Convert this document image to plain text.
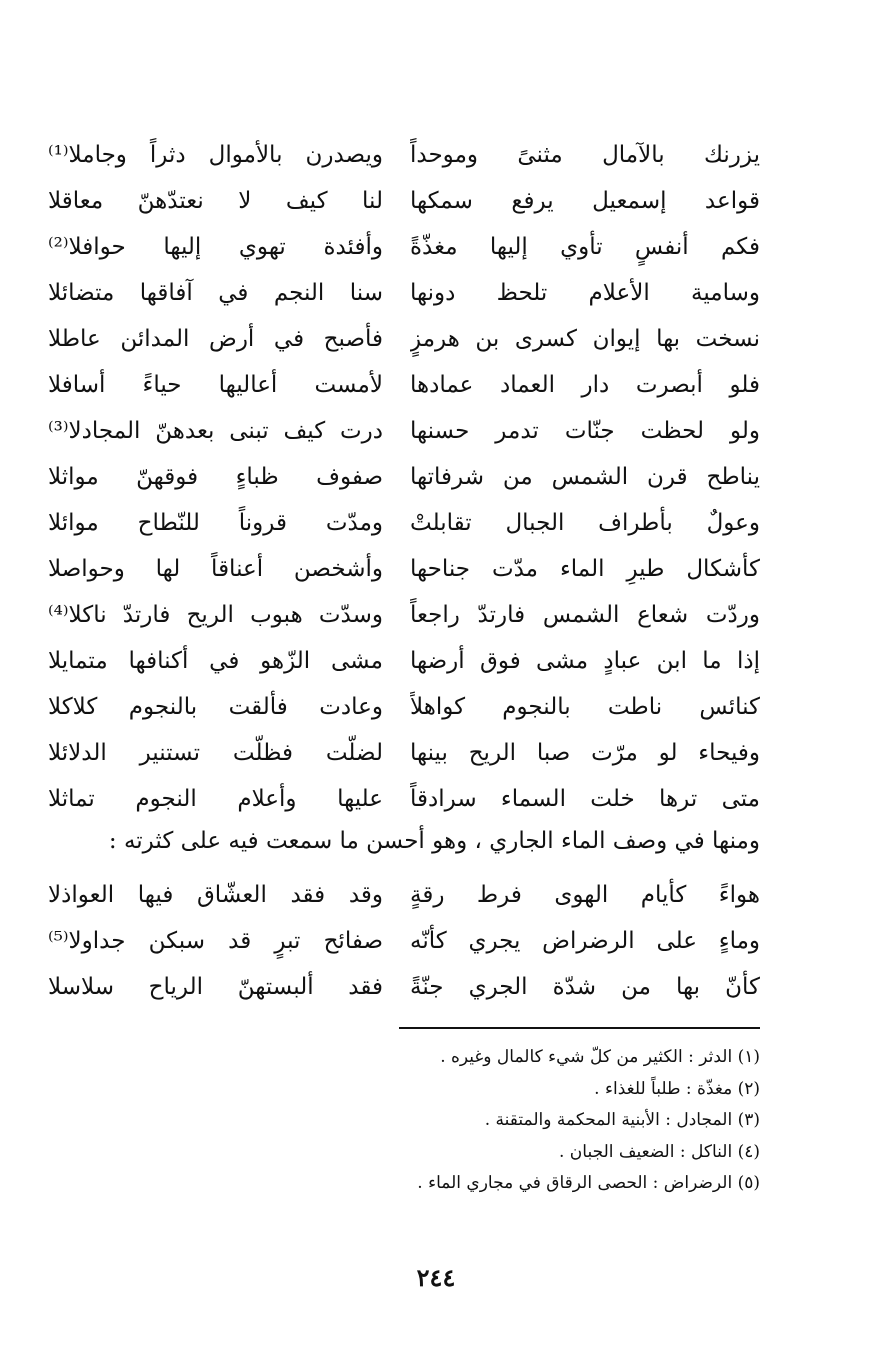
يزرنك بالآمال مثنىً وموحداً
ويصدرن بالأموال دثراً وجاملا⁽¹⁾
قواعد إسمعيل يرفع سمكها
لنا كيف لا نعتدّهنّ معاقلا
فكم أنفسٍ تأوي إليها مغذّةً
وأفئدة تهوي إليها حوافلا⁽²⁾
وسامية الأعلام تلحظ دونها
سنا النجم في آفاقها متضائلا
نسخت بها إيوان كسرى بن هرمزٍ
فأصبح في أرض المدائن عاطلا
فلو أبصرت دار العماد عمادها
لأمست أعاليها حياءً أسافلا
ولو لحظت جنّات تدمر حسنها
درت كيف تبنى بعدهنّ المجادلا⁽³⁾
يناطح قرن الشمس من شرفاتها
صفوف ظباءٍ فوقهنّ مواثلا
وعولٌ بأطراف الجبال تقابلتْ
ومدّت قروناً للنّطاح موائلا
كأشكال طيرِ الماء مدّت جناحها
وأشخصن أعناقاً لها وحواصلا
وردّت شعاع الشمس فارتدّ راجعاً
وسدّت هبوب الريح فارتدّ ناكلا⁽⁴⁾
إذا ما ابن عبادٍ مشى فوق أرضها
مشى الزّهو في أكنافها متمايلا
كنائس ناطت بالنجوم كواهلاً
وعادت فألقت بالنجوم كلاكلا
وفيحاء لو مرّت صبا الريح بينها
لضلّت فظلّت تستنير الدلائلا
متى ترها خلت السماء سرادقاً
عليها وأعلام النجوم تماثلا
ومنها في وصف الماء الجاري ، وهو أحسن ما سمعت فيه على كثرته :
هواءً كأيام الهوى فرط رقةٍ
وقد فقد العشّاق فيها العواذلا
وماءٍ على الرضراض يجري كأنّه
صفائح تبرٍ قد سبكن جداولا⁽⁵⁾
كأنّ بها من شدّة الجري جنّةً
فقد ألبستهنّ الرياح سلاسلا
(١) الدثر : الكثير من كلّ شيء كالمال وغيره .
(٢) مغذّة : طلباً للغذاء .
(٣) المجادل : الأبنية المحكمة والمتقنة .
(٤) الناكل : الضعيف الجبان .
(٥) الرضراض : الحصى الرقاق في مجاري الماء .
٢٤٤
